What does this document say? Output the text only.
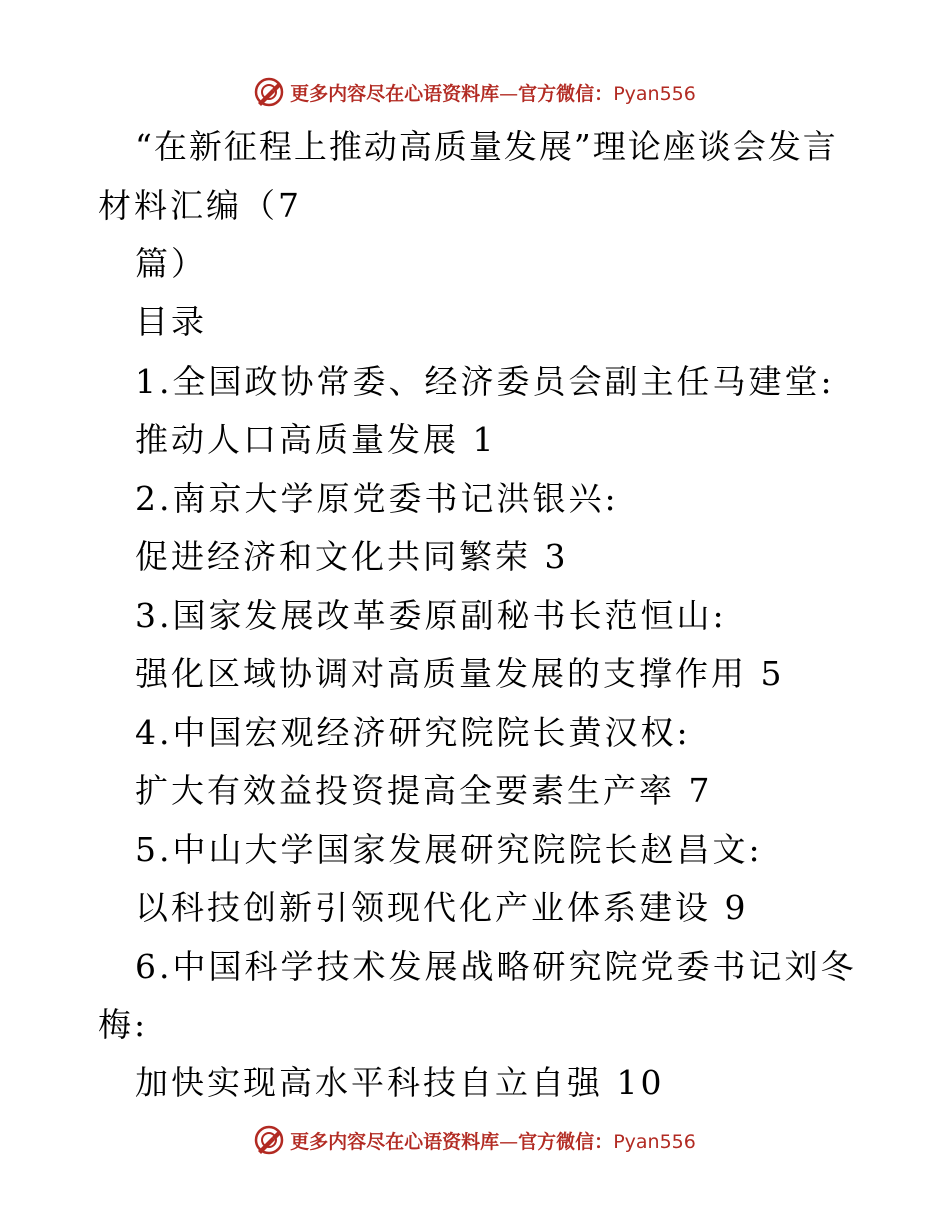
更多内容尽在心语资料库—官方微信：Pyan556
“在新征程上推动高质量发展”理论座谈会发言
材料汇编（7
篇）
目录
1.全国政协常委、经济委员会副主任马建堂:
推动人口高质量发展 1
2.南京大学原党委书记洪银兴:
促进经济和文化共同繁荣 3
3.国家发展改革委原副秘书长范恒山:
强化区域协调对高质量发展的支撑作用 5
4.中国宏观经济研究院院长黄汉权:
扩大有效益投资提高全要素生产率 7
5.中山大学国家发展研究院院长赵昌文:
以科技创新引领现代化产业体系建设 9
6.中国科学技术发展战略研究院党委书记刘冬
梅:
加快实现高水平科技自立自强 10
更多内容尽在心语资料库—官方微信：Pyan556
